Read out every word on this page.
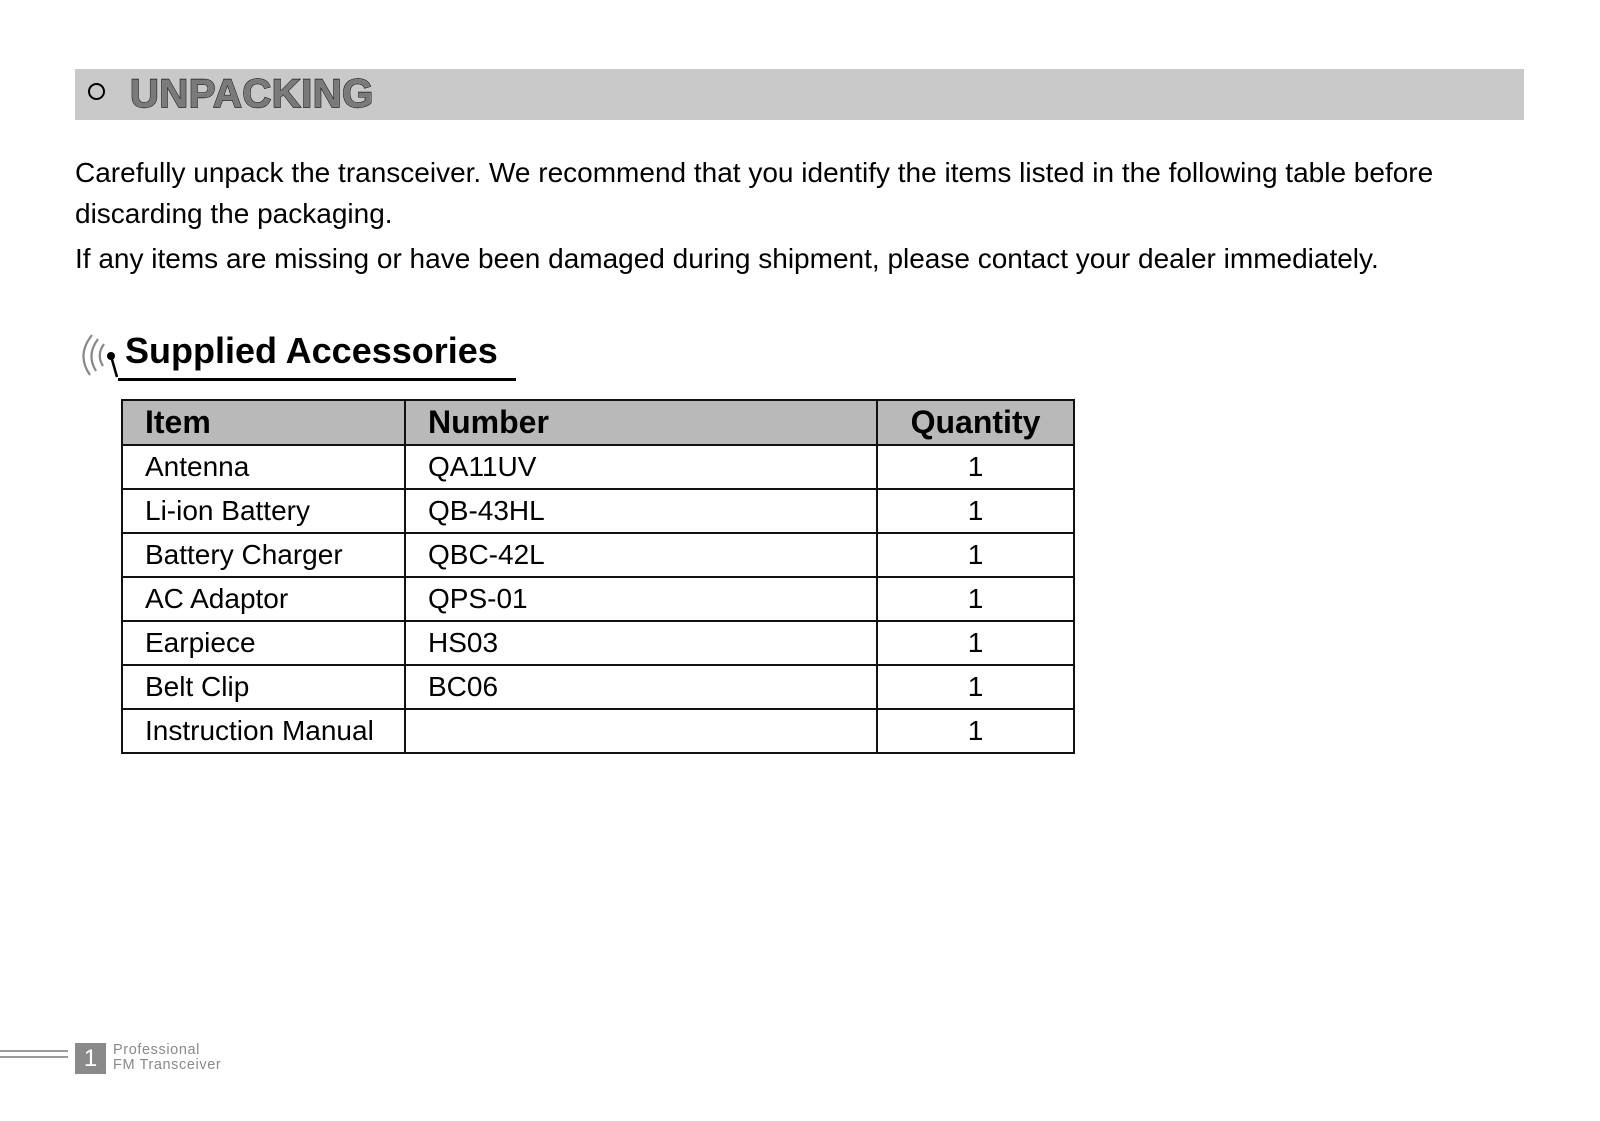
UNPACKING

Carefully unpack the transceiver. We recommend that you identify the items listed in the following table before discarding the packaging.

If any items are missing or have been damaged during shipment, please contact your dealer immediately.

Supplied Accessories
Item	Number	Quantity
Antenna	QA11UV	1
Li-ion Battery	QB-43HL	1
Battery Charger	QBC-42L	1
AC Adaptor	QPS-01	1
Earpiece	HS03	1
Belt Clip	BC06	1
Instruction Manual		1
1	Professional
FM Transceiver
